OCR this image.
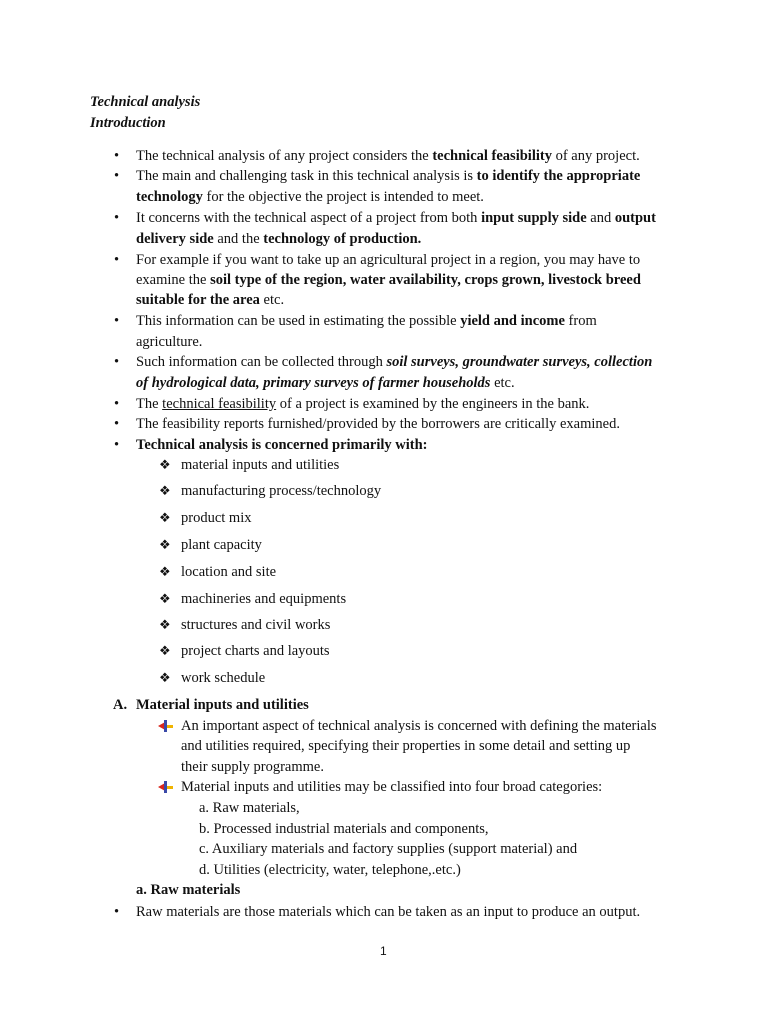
Technical analysis
Introduction
• The technical analysis of any project considers the technical feasibility of any project.
• The main and challenging task in this technical analysis is to identify the appropriate
technology for the objective the project is intended to meet.
• It concerns with the technical aspect of a project from both input supply side and output
delivery side and the technology of production.
• For example if you want to take up an agricultural project in a region, you may have to
examine the soil type of the region, water availability, crops grown, livestock breed
suitable for the area etc.
• This information can be used in estimating the possible yield and income from
agriculture.
• Such information can be collected through soil surveys, groundwater surveys, collection
of hydrological data, primary surveys of farmer households etc.
• The technical feasibility of a project is examined by the engineers in the bank.
• The feasibility reports furnished/provided by the borrowers are critically examined.
• Technical analysis is concerned primarily with:
❖ material inputs and utilities
❖ manufacturing process/technology
❖ product mix
❖ plant capacity
❖ location and site
❖ machineries and equipments
❖ structures and civil works
❖ project charts and layouts
❖ work schedule
A. Material inputs and utilities
An important aspect of technical analysis is concerned with defining the materials
and utilities required, specifying their properties in some detail and setting up
their supply programme.
Material inputs and utilities may be classified into four broad categories:
a. Raw materials,
b. Processed industrial materials and components,
c. Auxiliary materials and factory supplies (support material) and
d. Utilities (electricity, water, telephone,.etc.)
a. Raw materials
• Raw materials are those materials which can be taken as an input to produce an output.
1
